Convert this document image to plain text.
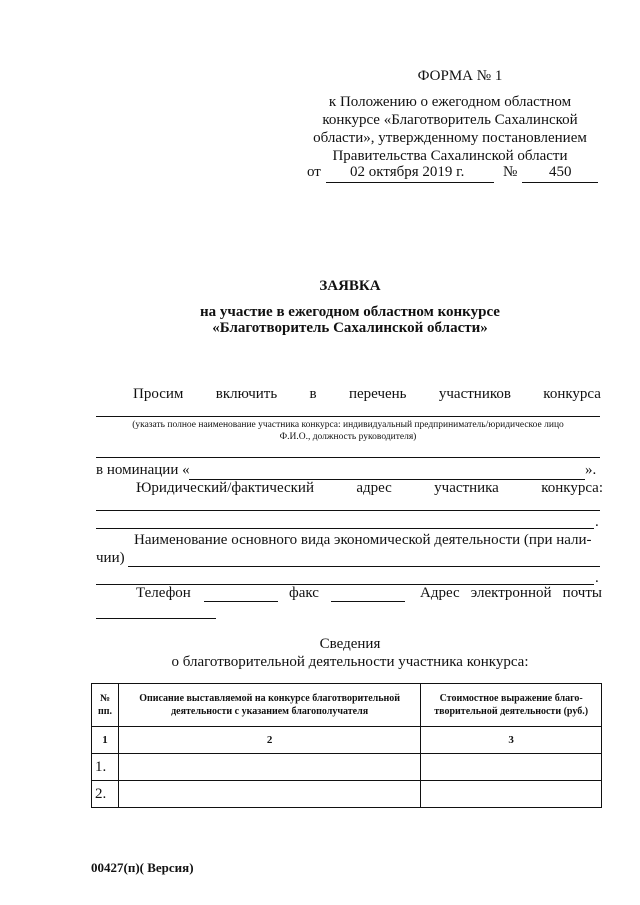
ФОРМА № 1
к Положению о ежегодном областном
конкурсе «Благотворитель Сахалинской
области», утвержденному постановлением
Правительства Сахалинской области
от 02 октября 2019 г.	№ 450
ЗАЯВКА
на участие в ежегодном областном конкурсе
«Благотворитель Сахалинской области»
Просим включить в перечень участников конкурса
(указать полное наименование участника конкурса: индивидуальный предприниматель/юридическое лицо
Ф.И.О., должность руководителя)
в номинации «	».
Юридический/фактический	адрес	участника	конкурса:
.
Наименование основного вида экономической деятельности (при нали-
чии)
.
Телефон	факс	Адрес электронной почты
Сведения
о благотворительной деятельности участника конкурса:
№ пп.	Описание выставляемой на конкурсе благотворительной деятельности с указанием благополучателя	Стоимостное выражение благо-творительной деятельности (руб.)
1	2	3
1.		
2.		
00427(п)( Версия)
